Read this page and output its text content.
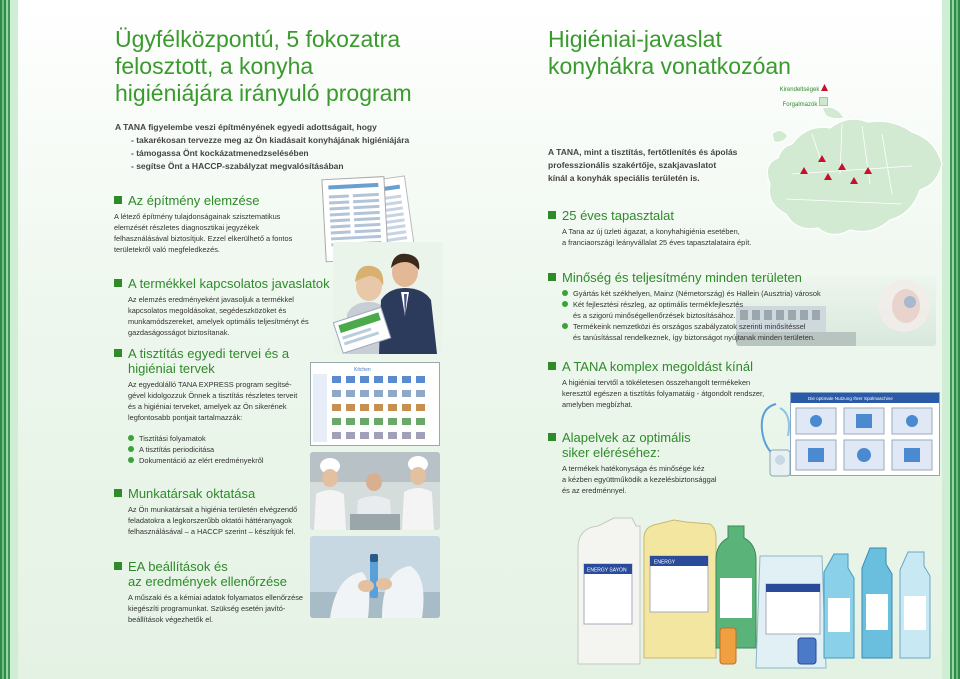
Ügyfélközpontú, 5 fokozatra
felosztott, a konyha
higiéniájára irányuló program
A TANA figyelembe veszi építményének egyedi adottságait, hogy
- takarékosan tervezze meg az Ön kiadásait konyhájának higiéniájára
- támogassa Önt kockázatmenedzselésében
- segítse Önt a HACCP-szabályzat megvalósításában
Az építmény elemzése
A létező építmény tulajdonságainak szisztematikus
elemzését részletes diagnosztikai jegyzékek
felhasználásával biztosítjuk. Ezzel elkerülhető a fontos
területekről való megfeledkezés.
A termékkel kapcsolatos javaslatok
Az elemzés eredményeként javasoljuk a termékkel
kapcsolatos megoldásokat, segédeszközöket és
munkamódszereket, amelyek optimális teljesítményt és
gazdaságosságot biztosítanak.
A tisztítás egyedi tervei és a
higiéniai tervek
Az egyedülálló TANA EXPRESS program segítsé-
gével kidolgozzuk Önnek a tisztítás részletes terveit
és a higiéniai terveket, amelyek az Ön sikerének
legfontosabb pontjait tartalmazzák:
Tisztítási folyamatok
A tisztítás periodicitása
Dokumentáció az elért eredményekről
Kitchen
Munkatársak oktatása
Az Ön munkatársait a higiénia területén elvégzendő
feladatokra a legkorszerűbb oktatói háttéranyagok
felhasználásával – a HACCP szerint – készítjük fel.
EA beállítások és
az eredmények ellenőrzése
A műszaki és a kémiai adatok folyamatos ellenőrzése
kiegészíti programunkat. Szükség esetén javító-
beállítások végezhetők el.
Higiéniai-javaslat
konyhákra vonatkozóan
Kirendeltségek
Forgalmazók
A TANA, mint a tisztítás, fertőtlenítés és ápolás
professzionális szakértője, szakjavaslatot
kínál a konyhák speciális területén is.
25 éves tapasztalat
A Tana az új üzleti ágazat, a konyhahigiénia esetében,
a franciaországi leányvállalat 25 éves tapasztalataira épít.
Minőség és teljesítmény minden területen
Gyártás két székhelyen, Mainz (Németország) és Hallein (Ausztria) városok
Két fejlesztési részleg, az optimális termékfejlesztés
és a szigorú minőségellenőrzések biztosításához.
Termékeink nemzetközi és országos szabályzatok szerinti minősítéssel
és tanúsítással rendelkeznek, így biztonságot nyújtanak minden területen.
A TANA komplex megoldást kínál
A higiéniai tervtől a tökéletesen összehangolt termékeken
keresztül egészen a tisztítás folyamatáig - átgondolt rendszer,
amelyben megbízhat.
Alapelvek az optimális
siker eléréséhez:
A termékek hatékonysága és minősége kéz
a kézben együttműködik a kezelésbiztonsággal
és az eredménnyel.
Die optimale Nutzung Ihrer Spülmaschine
ENERGY SAYON
ENERGY
